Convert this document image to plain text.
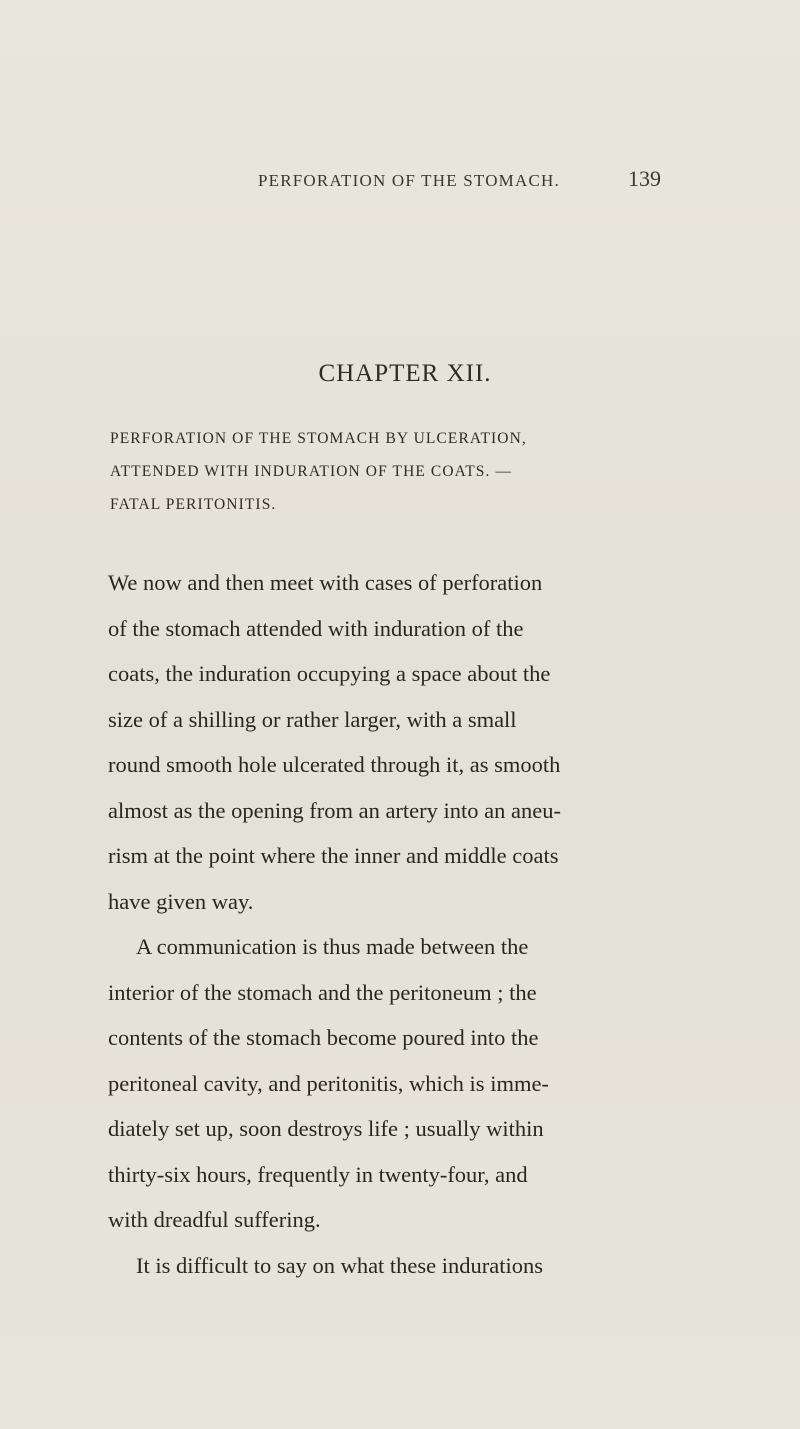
PERFORATION OF THE STOMACH.	139
CHAPTER XII.
PERFORATION OF THE STOMACH BY ULCERATION,
ATTENDED WITH INDURATION OF THE COATS. —
FATAL PERITONITIS.
We now and then meet with cases of perforation
of the stomach attended with induration of the
coats, the induration occupying a space about the
size of a shilling or rather larger, with a small
round smooth hole ulcerated through it, as smooth
almost as the opening from an artery into an aneu-
rism at the point where the inner and middle coats
have given way.
A communication is thus made between the
interior of the stomach and the peritoneum ; the
contents of the stomach become poured into the
peritoneal cavity, and peritonitis, which is imme-
diately set up, soon destroys life ; usually within
thirty-six hours, frequently in twenty-four, and
with dreadful suffering.
It is difficult to say on what these indurations
